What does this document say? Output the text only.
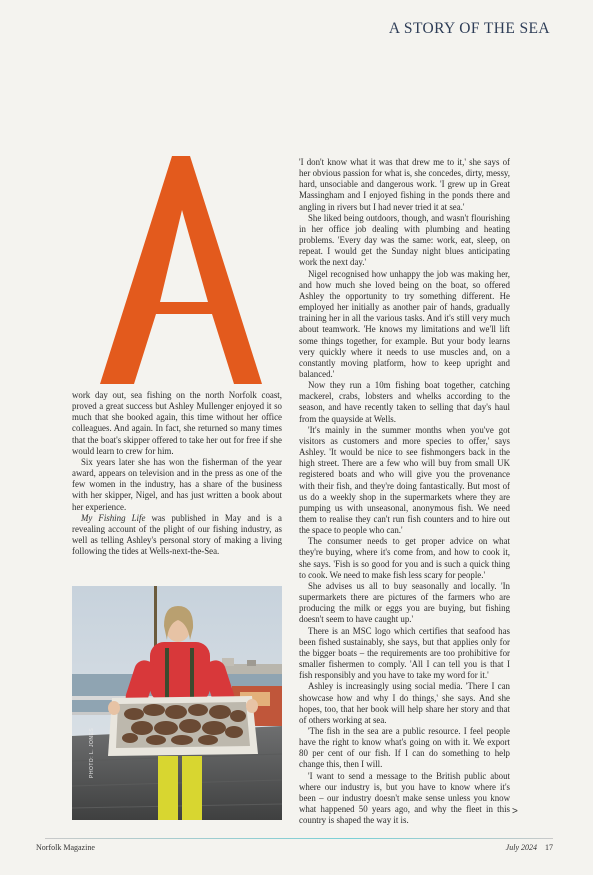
A STORY OF THE SEA

work day out, sea fishing on the north Norfolk coast, proved a great success but Ashley Mullenger enjoyed it so much that she booked again, this time without her office colleagues. And again. In fact, she returned so many times that the boat's skipper offered to take her out for free if she would learn to crew for him.

Six years later she has won the fisherman of the year award, appears on television and in the press as one of the few women in the industry, has a share of the business with her skipper, Nigel, and has just written a book about her experience.

My Fishing Life was published in May and is a revealing account of the plight of our fishing industry, as well as telling Ashley's personal story of making a living following the tides at Wells-next-the-Sea.

PHOTO: L. JONES

'I don't know what it was that drew me to it,' she says of her obvious passion for what is, she concedes, dirty, messy, hard, unsociable and dangerous work. 'I grew up in Great Massingham and I enjoyed fishing in the ponds there and angling in rivers but I had never tried it at sea.'

She liked being outdoors, though, and wasn't flourishing in her office job dealing with plumbing and heating problems. 'Every day was the same: work, eat, sleep, on repeat. I would get the Sunday night blues anticipating work the next day.'

Nigel recognised how unhappy the job was making her, and how much she loved being on the boat, so offered Ashley the opportunity to try something different. He employed her initially as another pair of hands, gradually training her in all the various tasks. And it's still very much about teamwork. 'He knows my limitations and we'll lift some things together, for example. But your body learns very quickly where it needs to use muscles and, on a constantly moving platform, how to keep upright and balanced.'

Now they run a 10m fishing boat together, catching mackerel, crabs, lobsters and whelks according to the season, and have recently taken to selling that day's haul from the quayside at Wells.

'It's mainly in the summer months when you've got visitors as customers and more species to offer,' says Ashley. 'It would be nice to see fishmongers back in the high street. There are a few who will buy from small UK registered boats and who will give you the provenance with their fish, and they're doing fantastically. But most of us do a weekly shop in the supermarkets where they are pumping us with unseasonal, anonymous fish. We need them to realise they can't run fish counters and to hire out the space to people who can.'

The consumer needs to get proper advice on what they're buying, where it's come from, and how to cook it, she says. 'Fish is so good for you and is such a quick thing to cook. We need to make fish less scary for people.'

She advises us all to buy seasonally and locally. 'In supermarkets there are pictures of the farmers who are producing the milk or eggs you are buying, but fishing doesn't seem to have caught up.'

There is an MSC logo which certifies that seafood has been fished sustainably, she says, but that applies only for the bigger boats – the requirements are too prohibitive for smaller fishermen to comply. 'All I can tell you is that I fish responsibly and you have to take my word for it.'

Ashley is increasingly using social media. 'There I can showcase how and why I do things,' she says. And she hopes, too, that her book will help share her story and that of others working at sea.

'The fish in the sea are a public resource. I feel people have the right to know what's going on with it. We export 80 per cent of our fish. If I can do something to help change this, then I will.

'I want to send a message to the British public about where our industry is, but you have to know where it's been – our industry doesn't make sense unless you know what happened 50 years ago, and why the fleet in this country is shaped the way it is.

>
Norfolk Magazine	July 2024 17
